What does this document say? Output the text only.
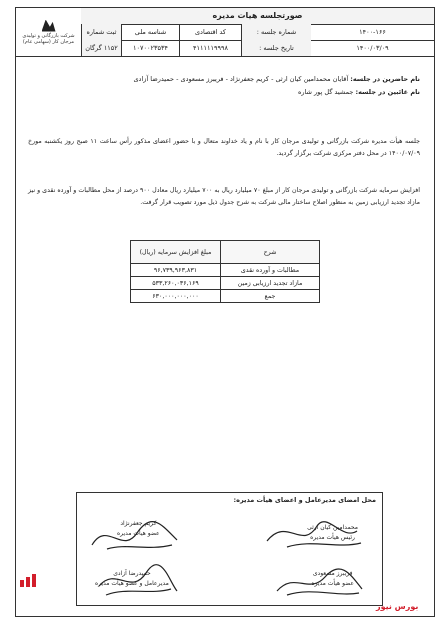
شرکت بازرگانی و تولیدی مرجان کار (سهامی عام)
صورتجلسه هیات مدیره
ثبت شماره	شناسه ملی	کد اقتصادی	شماره جلسه :	۱۴۰۰-۱۶۶
۱۱۵۲ گرگان	۱۰۷۰۰۲۳۵۳۴	۴۱۱۱۱۱۹۹۹۸	تاریخ جلسه :	۱۴۰۰/۰۳/۰۹
نام حاضرین در جلسه: آقایان محمدامین کیان ارثی - کریم جعفرنژاد - فریبرز مسعودی - حمیدرضا آزادی
نام غائبین در جلسه: جمشید گل پور شاره
جلسه هیأت مدیره شرکت بازرگانی و تولیدی مرجان کار با نام و یاد خداوند متعال و با حضور اعضای مذکور رأس ساعت ۱۱ صبح روز یکشنبه مورخ ۱۴۰۰/۰۷/۰۹ در محل دفتر مرکزی شرکت برگزار گردید.
افزایش سرمایه شرکت بازرگانی و تولیدی مرجان کار از مبلغ ۷۰ میلیارد ریال به ۷۰۰ میلیارد ریال معادل ۹۰۰ درصد از محل مطالبات و آورده نقدی و نیز مازاد تجدید ارزیابی زمین به منظور اصلاح ساختار مالی شرکت به شرح جدول ذیل مورد تصویب قرار گرفت.
شرح	مبلغ افزایش سرمایه (ریال)
مطالبات و آورده نقدی	۹۶,۷۳۹,۹۶۳,۸۳۱
مازاد تجدید ارزیابی زمین	۵۳۳,۲۶۰,۰۳۶,۱۶۹
جمع	۶۳۰,۰۰۰,۰۰۰,۰۰۰
محل امضای مدیرعامل و اعضای هیأت مدیره:
محمدامین کیان ارثی
رئیس هیأت مدیره
کریم جعفرنژاد
عضو هیأت مدیره
فریبرز مسعودی
عضو هیأت مدیره
حمیدرضا آزادی
مدیرعامل و عضو هیأت مدیره
بورس نیوز
